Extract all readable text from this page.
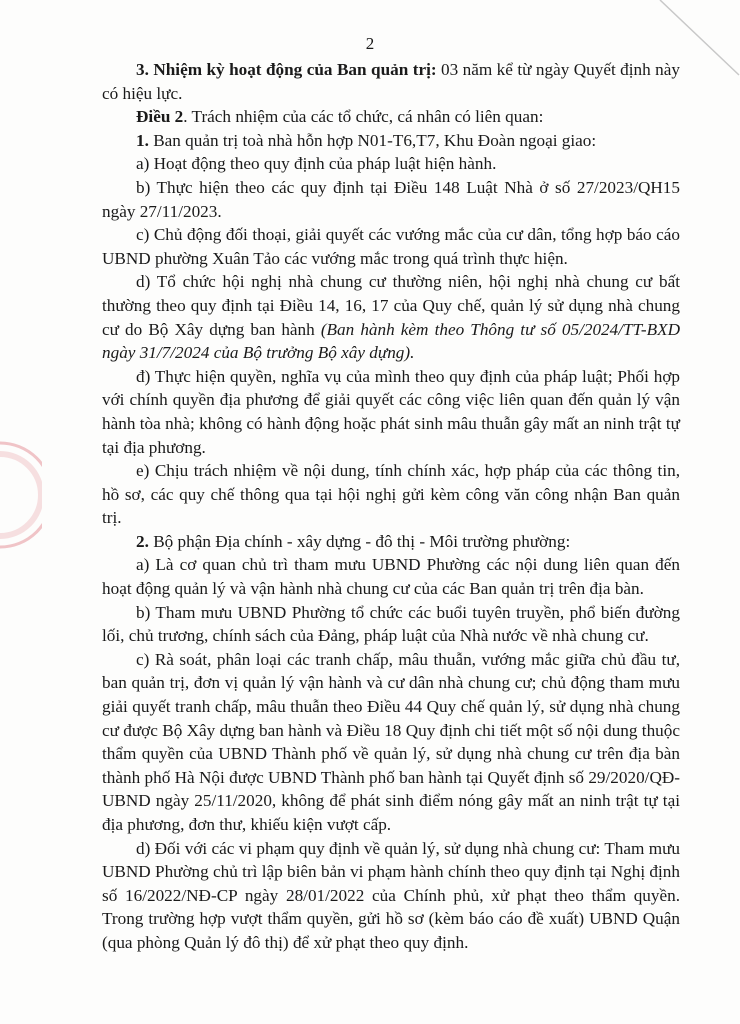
2

3. Nhiệm kỳ hoạt động của Ban quản trị: 03 năm kể từ ngày Quyết định này có hiệu lực.

Điều 2. Trách nhiệm của các tổ chức, cá nhân có liên quan:

1. Ban quản trị toà nhà hỗn hợp N01-T6,T7, Khu Đoàn ngoại giao:

a) Hoạt động theo quy định của pháp luật hiện hành.

b) Thực hiện theo các quy định tại Điều 148 Luật Nhà ở số 27/2023/QH15 ngày 27/11/2023.

c) Chủ động đối thoại, giải quyết các vướng mắc của cư dân, tổng hợp báo cáo UBND phường Xuân Tảo các vướng mắc trong quá trình thực hiện.

d) Tổ chức hội nghị nhà chung cư thường niên, hội nghị nhà chung cư bất thường theo quy định tại Điều 14, 16, 17 của Quy chế, quản lý sử dụng nhà chung cư do Bộ Xây dựng ban hành (Ban hành kèm theo Thông tư số 05/2024/TT-BXD ngày 31/7/2024 của Bộ trưởng Bộ xây dựng).

đ) Thực hiện quyền, nghĩa vụ của mình theo quy định của pháp luật; Phối hợp với chính quyền địa phương để giải quyết các công việc liên quan đến quản lý vận hành tòa nhà; không có hành động hoặc phát sinh mâu thuẫn gây mất an ninh trật tự tại địa phương.

e) Chịu trách nhiệm về nội dung, tính chính xác, hợp pháp của các thông tin, hồ sơ, các quy chế thông qua tại hội nghị gửi kèm công văn công nhận Ban quản trị.

2. Bộ phận Địa chính - xây dựng - đô thị - Môi trường phường:

a) Là cơ quan chủ trì tham mưu UBND Phường các nội dung liên quan đến hoạt động quản lý và vận hành nhà chung cư của các Ban quản trị trên địa bàn.

b) Tham mưu UBND Phường tổ chức các buổi tuyên truyền, phổ biến đường lối, chủ trương, chính sách của Đảng, pháp luật của Nhà nước về nhà chung cư.

c) Rà soát, phân loại các tranh chấp, mâu thuẫn, vướng mắc giữa chủ đầu tư, ban quản trị, đơn vị quản lý vận hành và cư dân nhà chung cư; chủ động tham mưu giải quyết tranh chấp, mâu thuẫn theo Điều 44 Quy chế quản lý, sử dụng nhà chung cư được Bộ Xây dựng ban hành và Điều 18 Quy định chi tiết một số nội dung thuộc thẩm quyền của UBND Thành phố về quản lý, sử dụng nhà chung cư trên địa bàn thành phố Hà Nội được UBND Thành phố ban hành tại Quyết định số 29/2020/QĐ-UBND ngày 25/11/2020, không để phát sinh điểm nóng gây mất an ninh trật tự tại địa phương, đơn thư, khiếu kiện vượt cấp.

d) Đối với các vi phạm quy định về quản lý, sử dụng nhà chung cư: Tham mưu UBND Phường chủ trì lập biên bản vi phạm hành chính theo quy định tại Nghị định số 16/2022/NĐ-CP ngày 28/01/2022 của Chính phủ, xử phạt theo thẩm quyền. Trong trường hợp vượt thẩm quyền, gửi hồ sơ (kèm báo cáo đề xuất) UBND Quận (qua phòng Quản lý đô thị) để xử phạt theo quy định.
